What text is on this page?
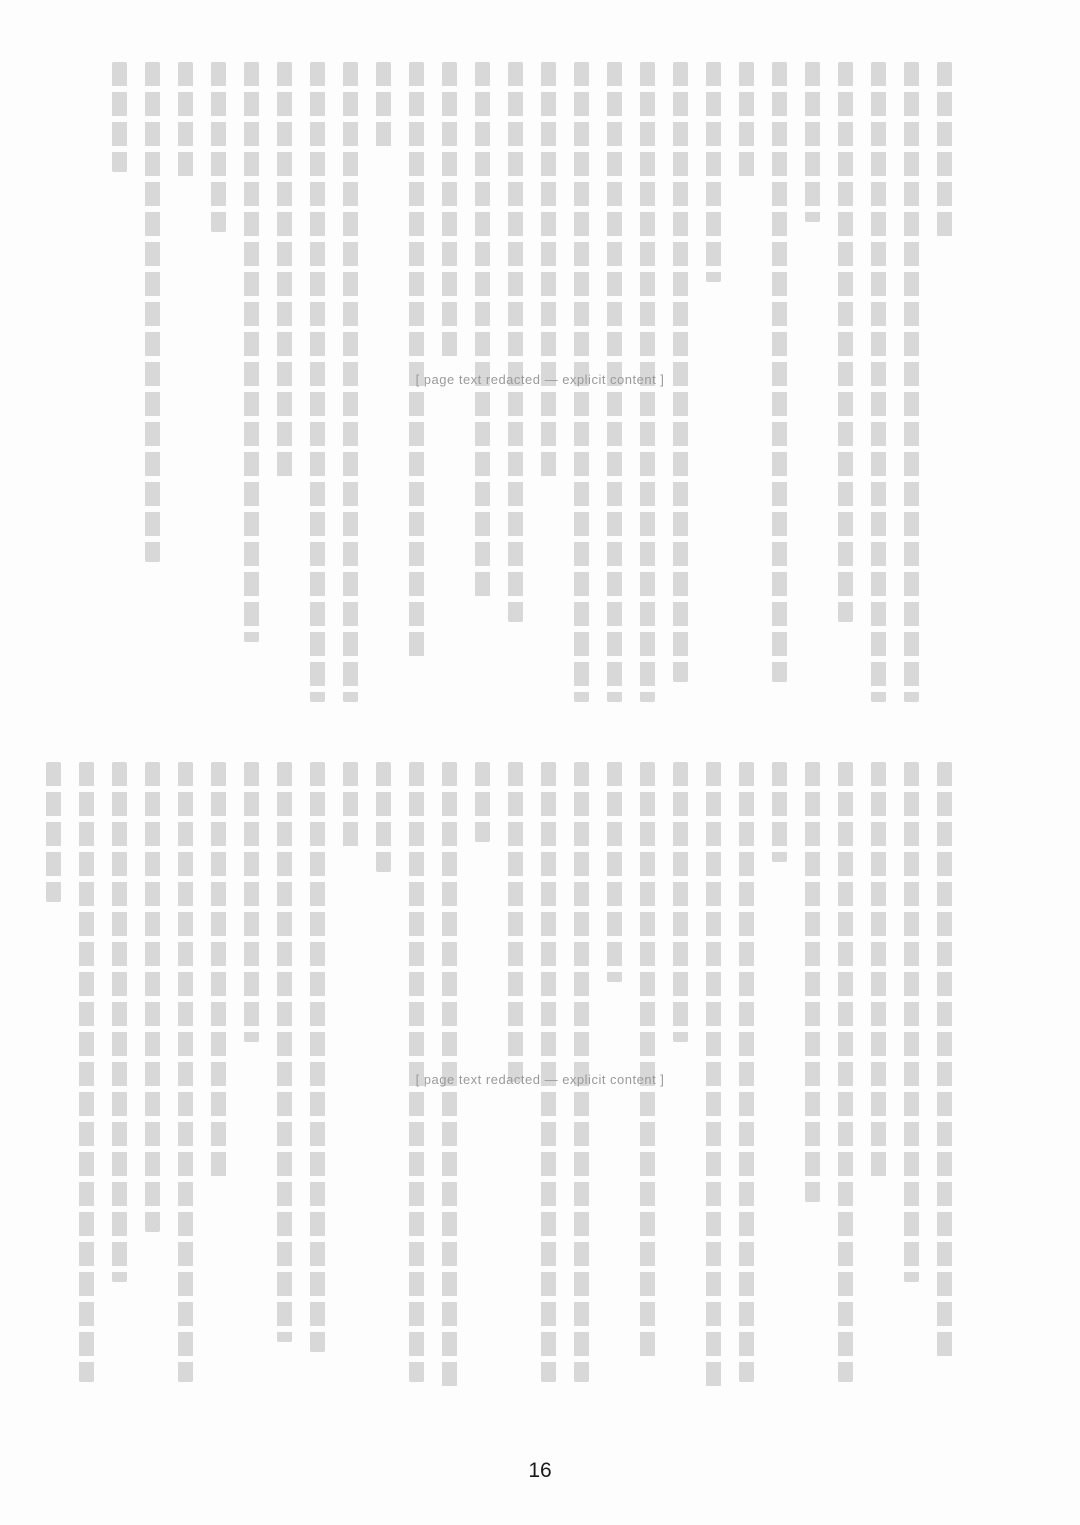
[ page text redacted — explicit content ]
[ page text redacted — explicit content ]
16
